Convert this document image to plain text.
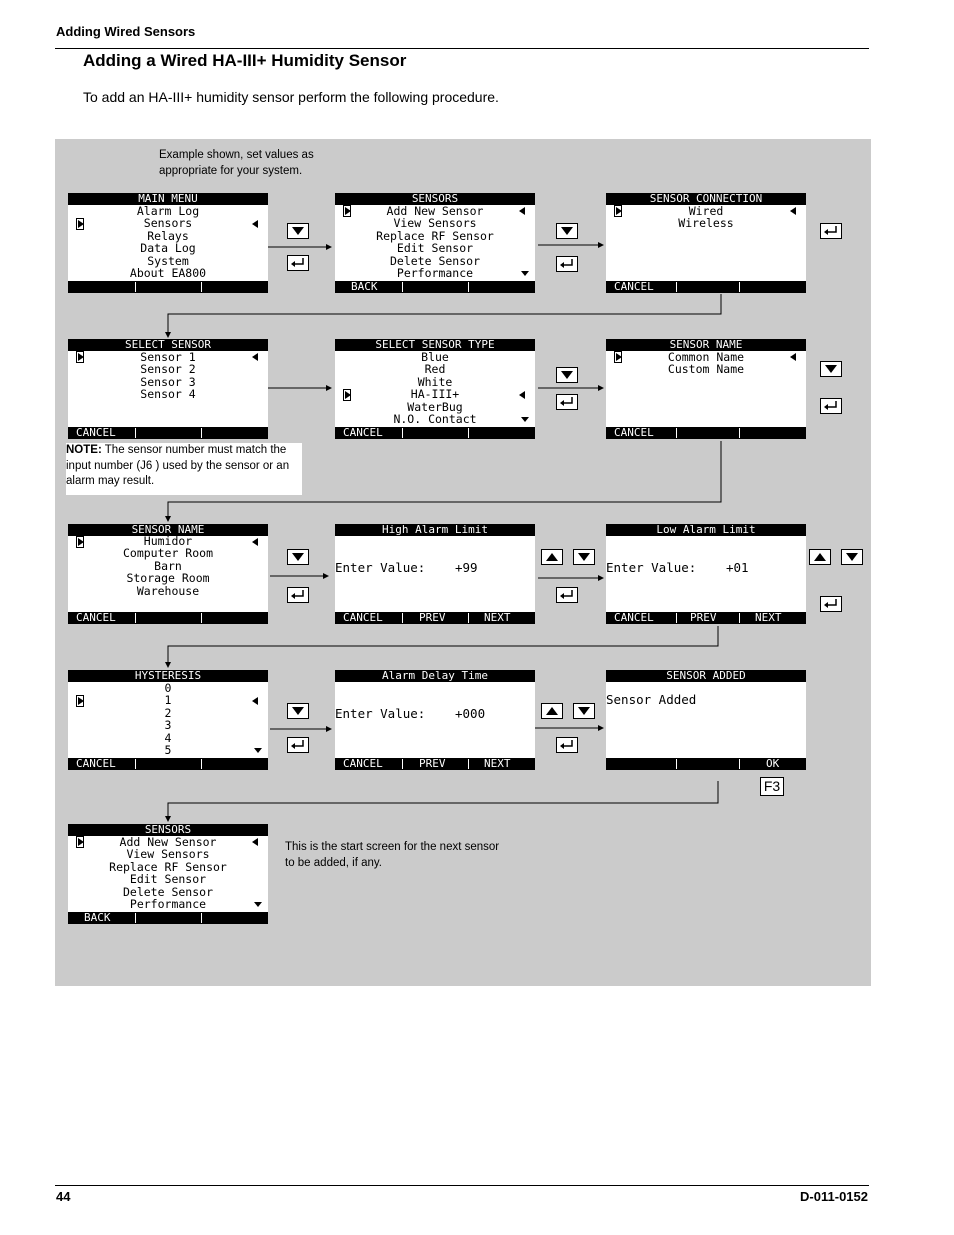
Adding Wired Sensors
Adding a Wired HA-III+ Humidity Sensor
To add an HA-III+ humidity sensor perform the following procedure.
Example shown, set values as appropriate for your system.
MAIN MENU
Alarm Log
Sensors
Relays
Data Log
System
About EA800
SENSORS
Add New Sensor
View Sensors
Replace RF Sensor
Edit Sensor
Delete Sensor
Performance
BACK
SENSOR CONNECTION
Wired
Wireless
CANCEL
SELECT SENSOR
Sensor 1
Sensor 2
Sensor 3
Sensor 4
CANCEL
SELECT SENSOR TYPE
Blue
Red
White
HA-III+
WaterBug
N.O. Contact
CANCEL
SENSOR NAME
Common Name
Custom Name
CANCEL
SENSOR NAME
Humidor
Computer Room
Barn
Storage Room
Warehouse
CANCEL
High Alarm Limit
Enter Value: +99
CANCEL	PREV	NEXT
Low Alarm Limit
Enter Value: +01
CANCEL	PREV	NEXT
HYSTERESIS
0
1
2
3
4
5
CANCEL
Alarm Delay Time
Enter Value: +000
CANCEL	PREV	NEXT
SENSOR ADDED
Sensor Added
OK
SENSORS
Add New Sensor
View Sensors
Replace RF Sensor
Edit Sensor
Delete Sensor
Performance
BACK
F3
NOTE: The sensor number must match the input number (J6 ) used by the sensor or an alarm may result.
This is the start screen for the next sensor to be added, if any.
44	D-011-0152
